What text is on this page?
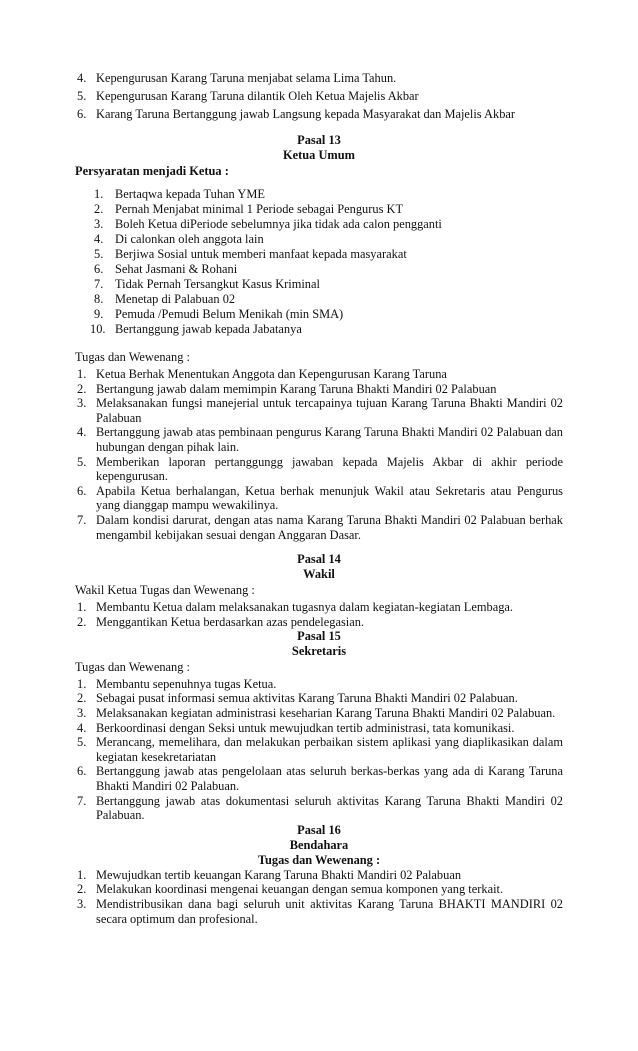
4. Kepengurusan Karang Taruna menjabat selama Lima Tahun.
5. Kepengurusan Karang Taruna dilantik Oleh Ketua Majelis Akbar
6. Karang Taruna Bertanggung jawab Langsung kepada Masyarakat dan Majelis Akbar
Pasal 13
Ketua Umum
Persyaratan menjadi Ketua :
1. Bertaqwa kepada Tuhan YME
2. Pernah Menjabat minimal 1 Periode sebagai Pengurus KT
3. Boleh Ketua diPeriode sebelumnya jika tidak ada calon pengganti
4. Di calonkan oleh anggota lain
5. Berjiwa Sosial untuk memberi manfaat kepada masyarakat
6. Sehat Jasmani & Rohani
7. Tidak Pernah Tersangkut Kasus Kriminal
8. Menetap di Palabuan 02
9. Pemuda /Pemudi Belum Menikah (min SMA)
10. Bertanggung jawab kepada Jabatanya
Tugas dan Wewenang :
1. Ketua Berhak Menentukan Anggota dan Kepengurusan Karang Taruna
2. Bertangung jawab dalam memimpin Karang Taruna Bhakti Mandiri 02 Palabuan
3. Melaksanakan fungsi manejerial untuk tercapainya tujuan Karang Taruna Bhakti Mandiri 02 Palabuan
4. Bertanggung jawab atas pembinaan pengurus Karang Taruna Bhakti Mandiri 02 Palabuan dan hubungan dengan pihak lain.
5. Memberikan laporan pertanggungg jawaban kepada Majelis Akbar di akhir periode kepengurusan.
6. Apabila Ketua berhalangan, Ketua berhak menunjuk Wakil atau Sekretaris atau Pengurus yang dianggap mampu wewakilinya.
7. Dalam kondisi darurat, dengan atas nama Karang Taruna Bhakti Mandiri 02 Palabuan berhak mengambil kebijakan sesuai dengan Anggaran Dasar.
Pasal 14
Wakil
Wakil Ketua Tugas dan Wewenang :
1. Membantu Ketua dalam melaksanakan tugasnya dalam kegiatan-kegiatan Lembaga.
2. Menggantikan Ketua berdasarkan azas pendelegasian.
Pasal 15
Sekretaris
Tugas dan Wewenang :
1. Membantu sepenuhnya tugas Ketua.
2. Sebagai pusat informasi semua aktivitas Karang Taruna Bhakti Mandiri 02 Palabuan.
3. Melaksanakan kegiatan administrasi keseharian Karang Taruna Bhakti Mandiri 02 Palabuan.
4. Berkoordinasi dengan Seksi untuk mewujudkan tertib administrasi, tata komunikasi.
5. Merancang, memelihara, dan melakukan perbaikan sistem aplikasi yang diaplikasikan dalam kegiatan kesekretariatan
6. Bertanggung jawab atas pengelolaan atas seluruh berkas-berkas yang ada di Karang Taruna Bhakti Mandiri 02 Palabuan.
7. Bertanggung jawab atas dokumentasi seluruh aktivitas Karang Taruna Bhakti Mandiri 02 Palabuan.
Pasal 16
Bendahara
Tugas dan Wewenang :
1. Mewujudkan tertib keuangan Karang Taruna Bhakti Mandiri 02 Palabuan
2. Melakukan koordinasi mengenai keuangan dengan semua komponen yang terkait.
3. Mendistribusikan dana bagi seluruh unit aktivitas Karang Taruna BHAKTI MANDIRI 02 secara optimum dan profesional.
